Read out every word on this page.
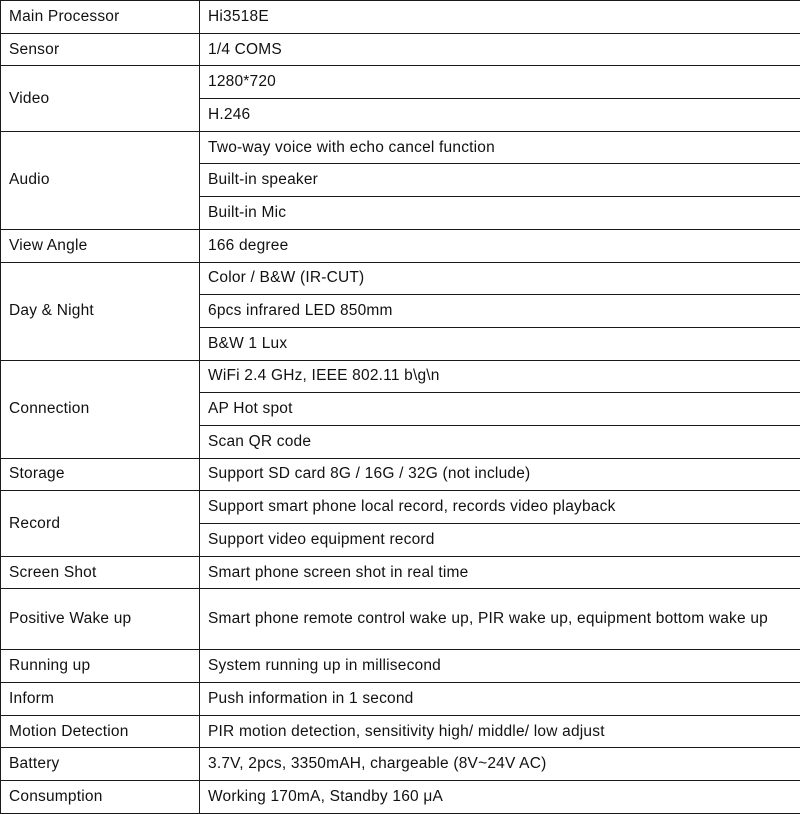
Main Processor	Hi3518E
Sensor	1/4 COMS
Video	1280*720
	H.246
Audio	Two-way voice with echo cancel function
	Built-in speaker
	Built-in Mic
View Angle	166 degree
Day & Night	Color / B&W (IR-CUT)
	6pcs infrared LED 850mm
	B&W 1 Lux
Connection	WiFi 2.4 GHz, IEEE 802.11 b\g\n
	AP Hot spot
	Scan QR code
Storage	Support SD card 8G / 16G / 32G (not include)
Record	Support smart phone local record, records video playback
	Support video equipment record
Screen Shot	Smart phone screen shot in real time
Positive Wake up	Smart phone remote control wake up, PIR wake up, equipment bottom wake up
Running up	System running up in millisecond
Inform	Push information in 1 second
Motion Detection	PIR motion detection, sensitivity high/ middle/ low adjust
Battery	3.7V, 2pcs, 3350mAH, chargeable (8V~24V AC)
Consumption	Working 170mA, Standby 160 μA
